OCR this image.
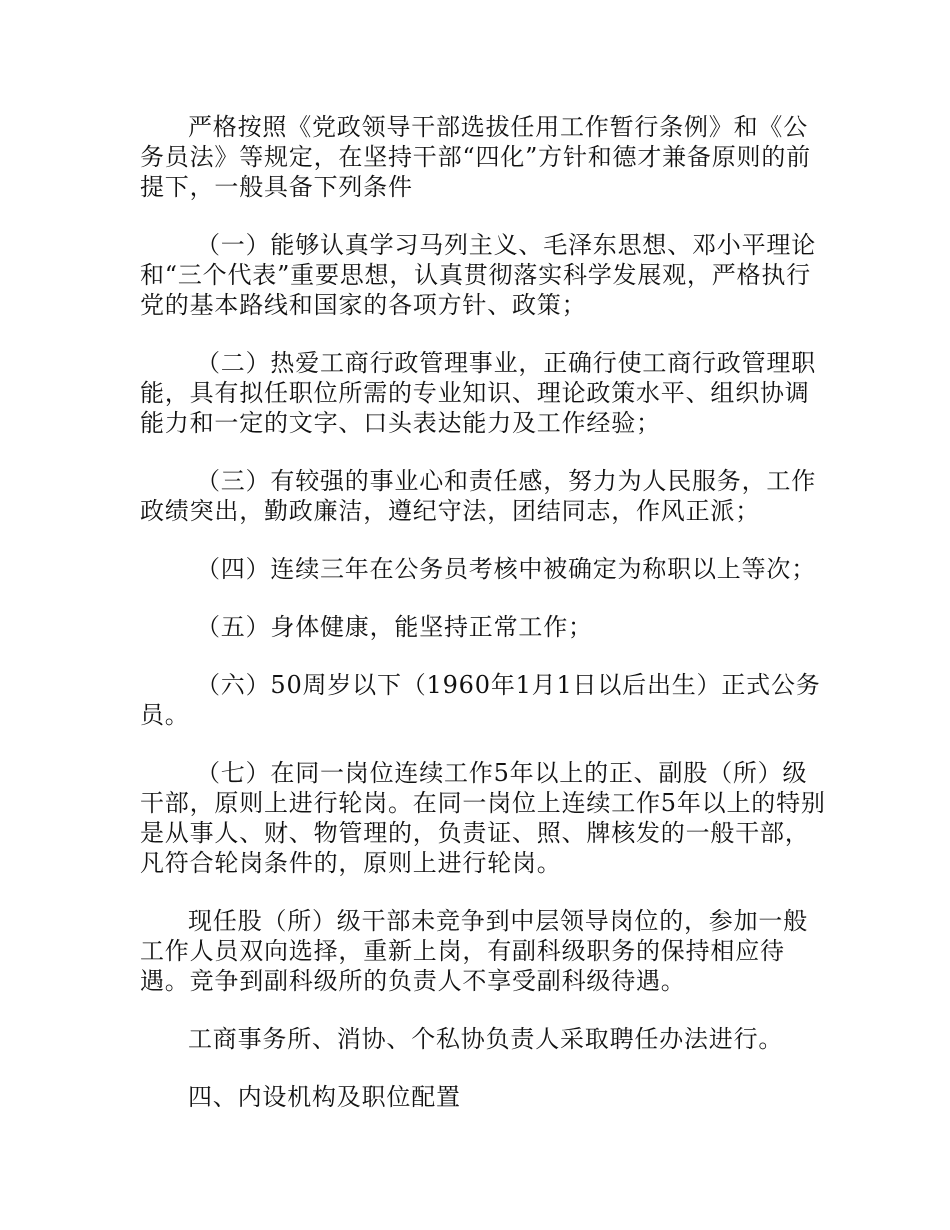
严格按照《党政领导干部选拔任用工作暂行条例》和《公务员法》等规定，在坚持干部“四化”方针和德才兼备原则的前提下，一般具备下列条件

（一）能够认真学习马列主义、毛泽东思想、邓小平理论和“三个代表”重要思想，认真贯彻落实科学发展观，严格执行党的基本路线和国家的各项方针、政策；

（二）热爱工商行政管理事业，正确行使工商行政管理职能，具有拟任职位所需的专业知识、理论政策水平、组织协调能力和一定的文字、口头表达能力及工作经验；

（三）有较强的事业心和责任感，努力为人民服务，工作政绩突出，勤政廉洁，遵纪守法，团结同志，作风正派；

（四）连续三年在公务员考核中被确定为称职以上等次；

（五）身体健康，能坚持正常工作；

（六）50周岁以下（1960年1月1日以后出生）正式公务员。

（七）在同一岗位连续工作5年以上的正、副股（所）级干部，原则上进行轮岗。在同一岗位上连续工作5年以上的特别是从事人、财、物管理的，负责证、照、牌核发的一般干部，凡符合轮岗条件的，原则上进行轮岗。

现任股（所）级干部未竞争到中层领导岗位的，参加一般工作人员双向选择，重新上岗，有副科级职务的保持相应待遇。竞争到副科级所的负责人不享受副科级待遇。

工商事务所、消协、个私协负责人采取聘任办法进行。

四、内设机构及职位配置
